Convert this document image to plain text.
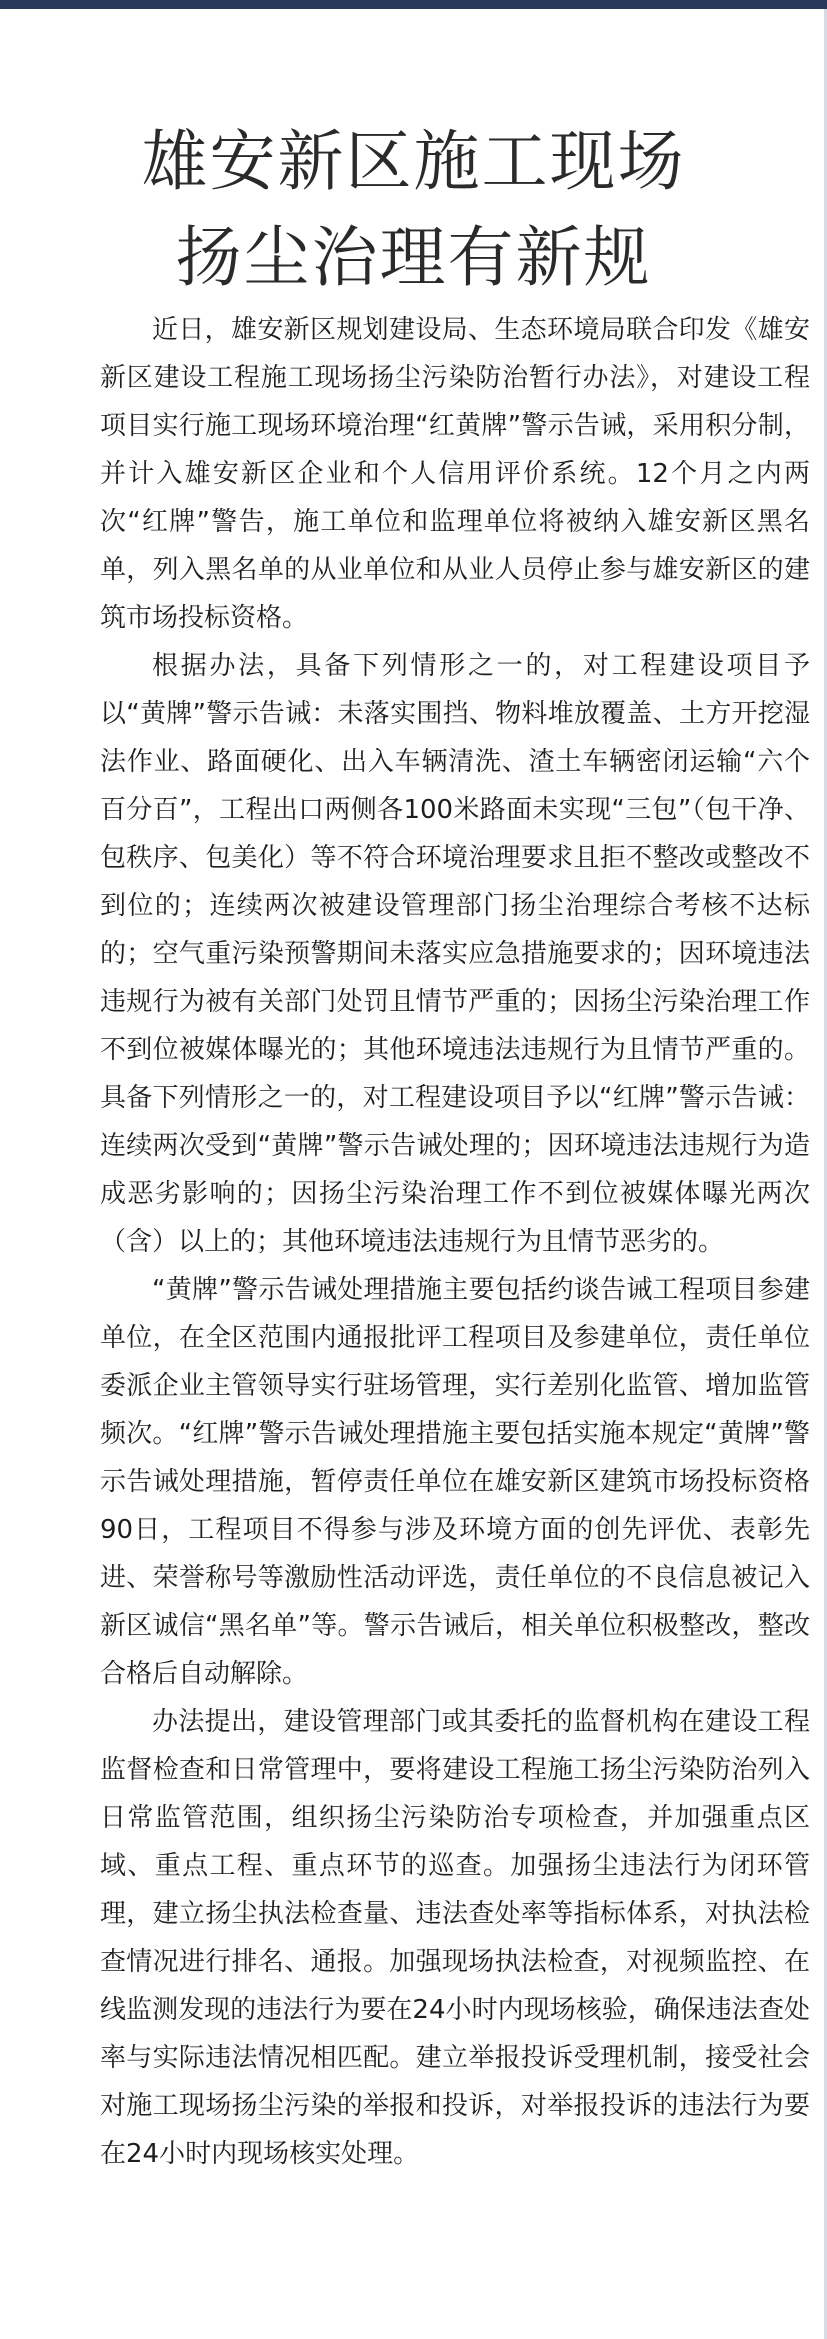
雄安新区施工现场
扬尘治理有新规

近日，雄安新区规划建设局、生态环境局联合印发《雄安新区建设工程施工现场扬尘污染防治暂行办法》，对建设工程项目实行施工现场环境治理“红黄牌”警示告诫，采用积分制，并计入雄安新区企业和个人信用评价系统。12个月之内两次“红牌”警告，施工单位和监理单位将被纳入雄安新区黑名单，列入黑名单的从业单位和从业人员停止参与雄安新区的建筑市场投标资格。

根据办法，具备下列情形之一的，对工程建设项目予以“黄牌”警示告诫：未落实围挡、物料堆放覆盖、土方开挖湿法作业、路面硬化、出入车辆清洗、渣土车辆密闭运输“六个百分百”，工程出口两侧各100米路面未实现“三包”（包干净、包秩序、包美化）等不符合环境治理要求且拒不整改或整改不到位的；连续两次被建设管理部门扬尘治理综合考核不达标的；空气重污染预警期间未落实应急措施要求的；因环境违法违规行为被有关部门处罚且情节严重的；因扬尘污染治理工作不到位被媒体曝光的；其他环境违法违规行为且情节严重的。具备下列情形之一的，对工程建设项目予以“红牌”警示告诫：连续两次受到“黄牌”警示告诫处理的；因环境违法违规行为造成恶劣影响的；因扬尘污染治理工作不到位被媒体曝光两次（含）以上的；其他环境违法违规行为且情节恶劣的。

“黄牌”警示告诫处理措施主要包括约谈告诫工程项目参建单位，在全区范围内通报批评工程项目及参建单位，责任单位委派企业主管领导实行驻场管理，实行差别化监管、增加监管频次。“红牌”警示告诫处理措施主要包括实施本规定“黄牌”警示告诫处理措施，暂停责任单位在雄安新区建筑市场投标资格90日，工程项目不得参与涉及环境方面的创先评优、表彰先进、荣誉称号等激励性活动评选，责任单位的不良信息被记入新区诚信“黑名单”等。警示告诫后，相关单位积极整改，整改合格后自动解除。

办法提出，建设管理部门或其委托的监督机构在建设工程监督检查和日常管理中，要将建设工程施工扬尘污染防治列入日常监管范围，组织扬尘污染防治专项检查，并加强重点区域、重点工程、重点环节的巡查。加强扬尘违法行为闭环管理，建立扬尘执法检查量、违法查处率等指标体系，对执法检查情况进行排名、通报。加强现场执法检查，对视频监控、在线监测发现的违法行为要在24小时内现场核验，确保违法查处率与实际违法情况相匹配。建立举报投诉受理机制，接受社会对施工现场扬尘污染的举报和投诉，对举报投诉的违法行为要在24小时内现场核实处理。
